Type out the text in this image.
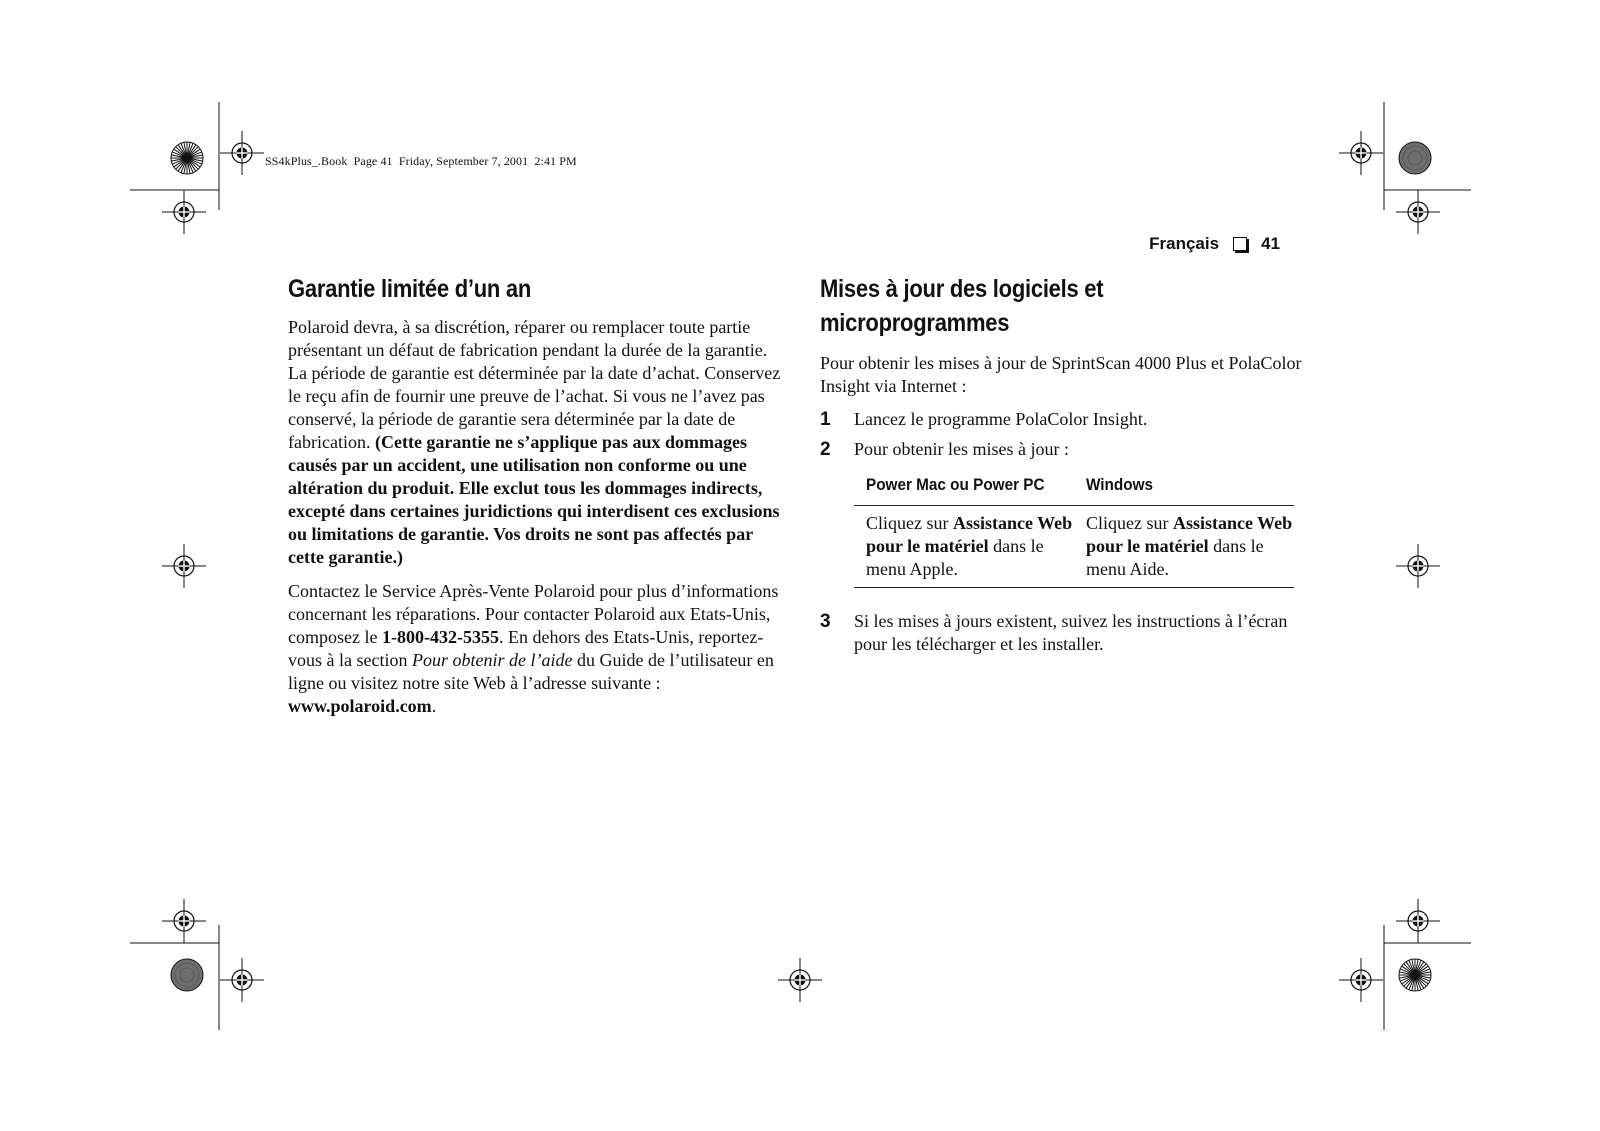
SS4kPlus_.Book  Page 41  Friday, September 7, 2001  2:41 PM
Français 41
Garantie limitée d’un an

Polaroid devra, à sa discrétion, réparer ou remplacer toute partie présentant un défaut de fabrication pendant la durée de la garantie. La période de garantie est déterminée par la date d’achat. Conservez le reçu afin de fournir une preuve de l’achat. Si vous ne l’avez pas conservé, la période de garantie sera déterminée par la date de fabrication. (Cette garantie ne s’applique pas aux dommages causés par un accident, une utilisation non conforme ou une altération du produit. Elle exclut tous les dommages indirects, excepté dans certaines juridictions qui interdisent ces exclusions ou limitations de garantie. Vos droits ne sont pas affectés par cette garantie.)

Contactez le Service Après-Vente Polaroid pour plus d’informations concernant les réparations. Pour contacter Polaroid aux Etats-Unis, composez le 1-800-432-5355. En dehors des Etats-Unis, reportez-vous à la section Pour obtenir de l’aide du Guide de l’utilisateur en ligne ou visitez notre site Web à l’adresse suivante : www.polaroid.com.

Mises à jour des logiciels et
microprogrammes

Pour obtenir les mises à jour de SprintScan 4000 Plus et PolaColor Insight via Internet :

1	Lancez le programme PolaColor Insight.
2	Pour obtenir les mises à jour :
Power Mac ou Power PC	Windows
Cliquez sur Assistance Web pour le matériel dans le menu Apple.	Cliquez sur Assistance Web pour le matériel dans le menu Aide.
3	Si les mises à jours existent, suivez les instructions à l’écran pour les télécharger et les installer.
